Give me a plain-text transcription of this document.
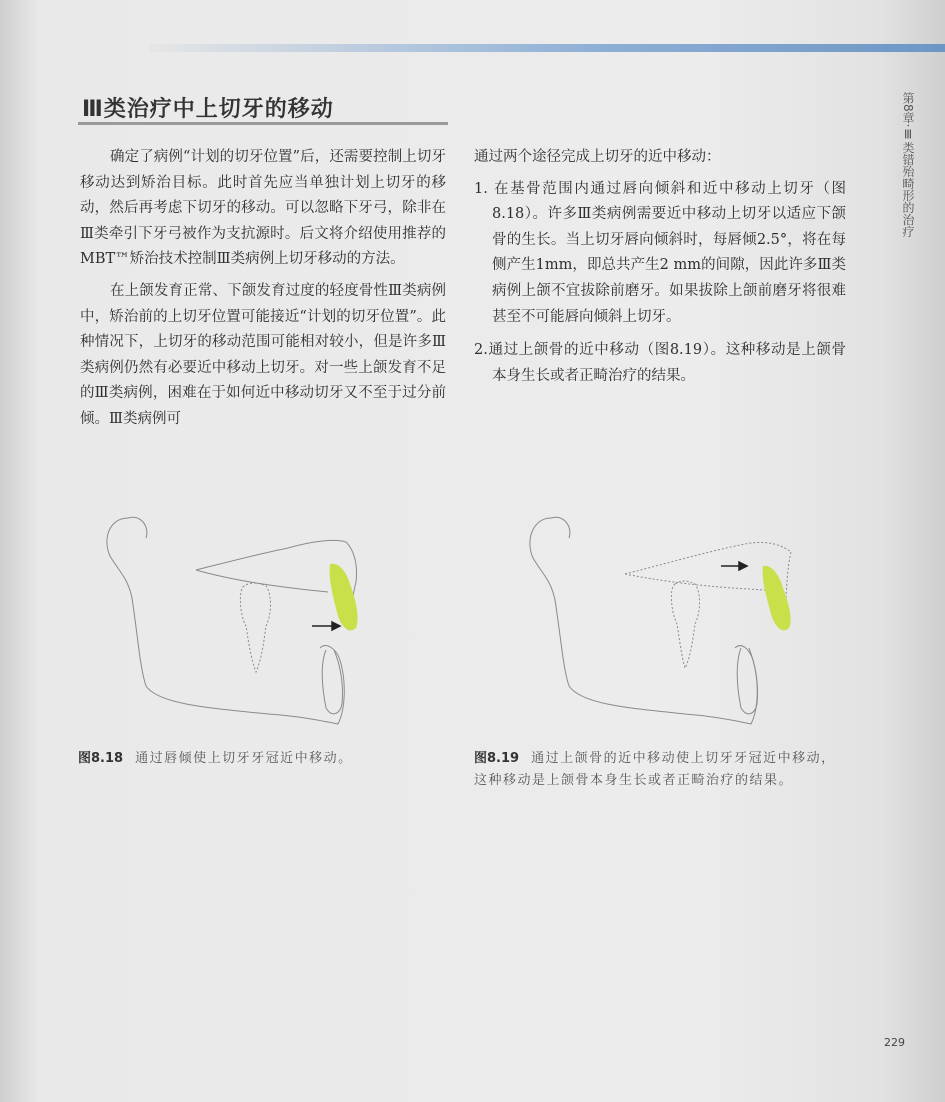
Ⅲ类治疗中上切牙的移动	第8章·Ⅲ类错殆畸形的治疗

确定了病例“计划的切牙位置”后，还需要控制上切牙移动达到矫治目标。此时首先应当单独计划上切牙的移动，然后再考虑下切牙的移动。可以忽略下牙弓，除非在Ⅲ类牵引下牙弓被作为支抗源时。后文将介绍使用推荐的MBT™矫治技术控制Ⅲ类病例上切牙移动的方法。

在上颌发育正常、下颌发育过度的轻度骨性Ⅲ类病例中，矫治前的上切牙位置可能接近“计划的切牙位置”。此种情况下，上切牙的移动范围可能相对较小，但是许多Ⅲ类病例仍然有必要近中移动上切牙。对一些上颌发育不足的Ⅲ类病例，困难在于如何近中移动切牙又不至于过分前倾。Ⅲ类病例可

通过两个途径完成上切牙的近中移动：

1. 在基骨范围内通过唇向倾斜和近中移动上切牙（图8.18）。许多Ⅲ类病例需要近中移动上切牙以适应下颌骨的生长。当上切牙唇向倾斜时，每唇倾2.5°，将在每侧产生1mm，即总共产生2 mm的间隙，因此许多Ⅲ类病例上颌不宜拔除前磨牙。如果拔除上颌前磨牙将很难甚至不可能唇向倾斜上切牙。

2.通过上颌骨的近中移动（图8.19）。这种移动是上颌骨本身生长或者正畸治疗的结果。

图8.18 通过唇倾使上切牙牙冠近中移动。	图8.19 通过上颌骨的近中移动使上切牙牙冠近中移动，这种移动是上颌骨本身生长或者正畸治疗的结果。
229
